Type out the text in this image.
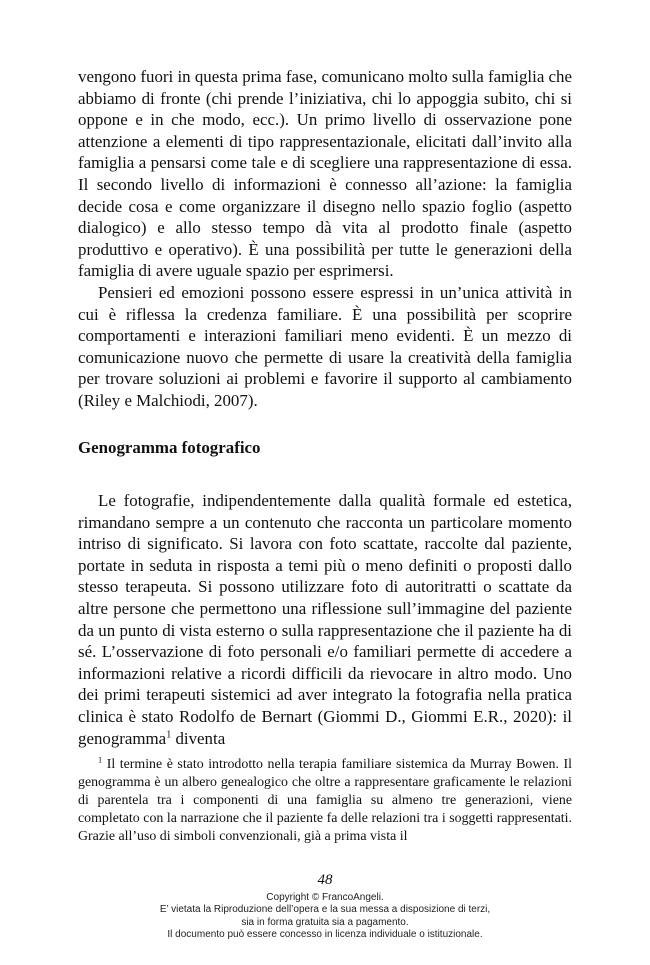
vengono fuori in questa prima fase, comunicano molto sulla famiglia che abbiamo di fronte (chi prende l’iniziativa, chi lo appoggia subito, chi si oppone e in che modo, ecc.). Un primo livello di osservazione pone attenzione a elementi di tipo rappresentazionale, elicitati dall’invito alla famiglia a pensarsi come tale e di scegliere una rappresentazione di essa. Il secondo livello di informazioni è connesso all’azione: la famiglia decide cosa e come organizzare il disegno nello spazio foglio (aspetto dialogico) e allo stesso tempo dà vita al prodotto finale (aspetto produttivo e operativo). È una possibilità per tutte le generazioni della famiglia di avere uguale spazio per esprimersi.

Pensieri ed emozioni possono essere espressi in un’unica attività in cui è riflessa la credenza familiare. È una possibilità per scoprire comportamenti e interazioni familiari meno evidenti. È un mezzo di comunicazione nuovo che permette di usare la creatività della famiglia per trovare soluzioni ai problemi e favorire il supporto al cambiamento (Riley e Malchiodi, 2007).

Genogramma fotografico

Le fotografie, indipendentemente dalla qualità formale ed estetica, rimandano sempre a un contenuto che racconta un particolare momento intriso di significato. Si lavora con foto scattate, raccolte dal paziente, portate in seduta in risposta a temi più o meno definiti o proposti dallo stesso terapeuta. Si possono utilizzare foto di autoritratti o scattate da altre persone che permettono una riflessione sull’immagine del paziente da un punto di vista esterno o sulla rappresentazione che il paziente ha di sé. L’osservazione di foto personali e/o familiari permette di accedere a informazioni relative a ricordi difficili da rievocare in altro modo. Uno dei primi terapeuti sistemici ad aver integrato la fotografia nella pratica clinica è stato Rodolfo de Bernart (Giommi D., Giommi E.R., 2020): il genogramma$^1$ diventa

$^1$ Il termine è stato introdotto nella terapia familiare sistemica da Murray Bowen. Il genogramma è un albero genealogico che oltre a rappresentare graficamente le relazioni di parentela tra i componenti di una famiglia su almeno tre generazioni, viene completato con la narrazione che il paziente fa delle relazioni tra i soggetti rappresentati. Grazie all’uso di simboli convenzionali, già a prima vista il

48
Copyright © FrancoAngeli.
E’ vietata la Riproduzione dell’opera e la sua messa a disposizione di terzi,
sia in forma gratuita sia a pagamento.
Il documento può essere concesso in licenza individuale o istituzionale.
